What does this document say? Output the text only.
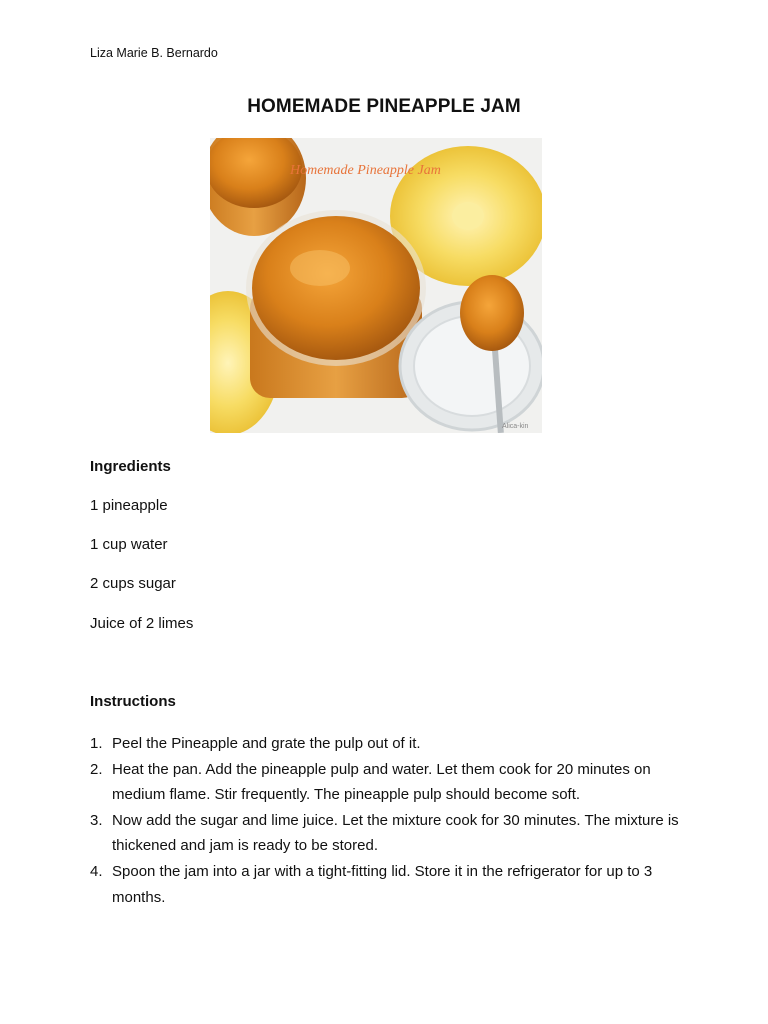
Liza Marie B. Bernardo
HOMEMADE PINEAPPLE JAM
Homemade Pineapple Jam
Alica-kin
Ingredients
1 pineapple
1 cup water
2 cups sugar
Juice of 2 limes
Instructions
1. Peel the Pineapple and grate the pulp out of it.
2. Heat the pan. Add the pineapple pulp and water. Let them cook for 20 minutes on medium flame. Stir frequently. The pineapple pulp should become soft.
3. Now add the sugar and lime juice. Let the mixture cook for 30 minutes. The mixture is thickened and jam is ready to be stored.
4. Spoon the jam into a jar with a tight-fitting lid. Store it in the refrigerator for up to 3 months.
